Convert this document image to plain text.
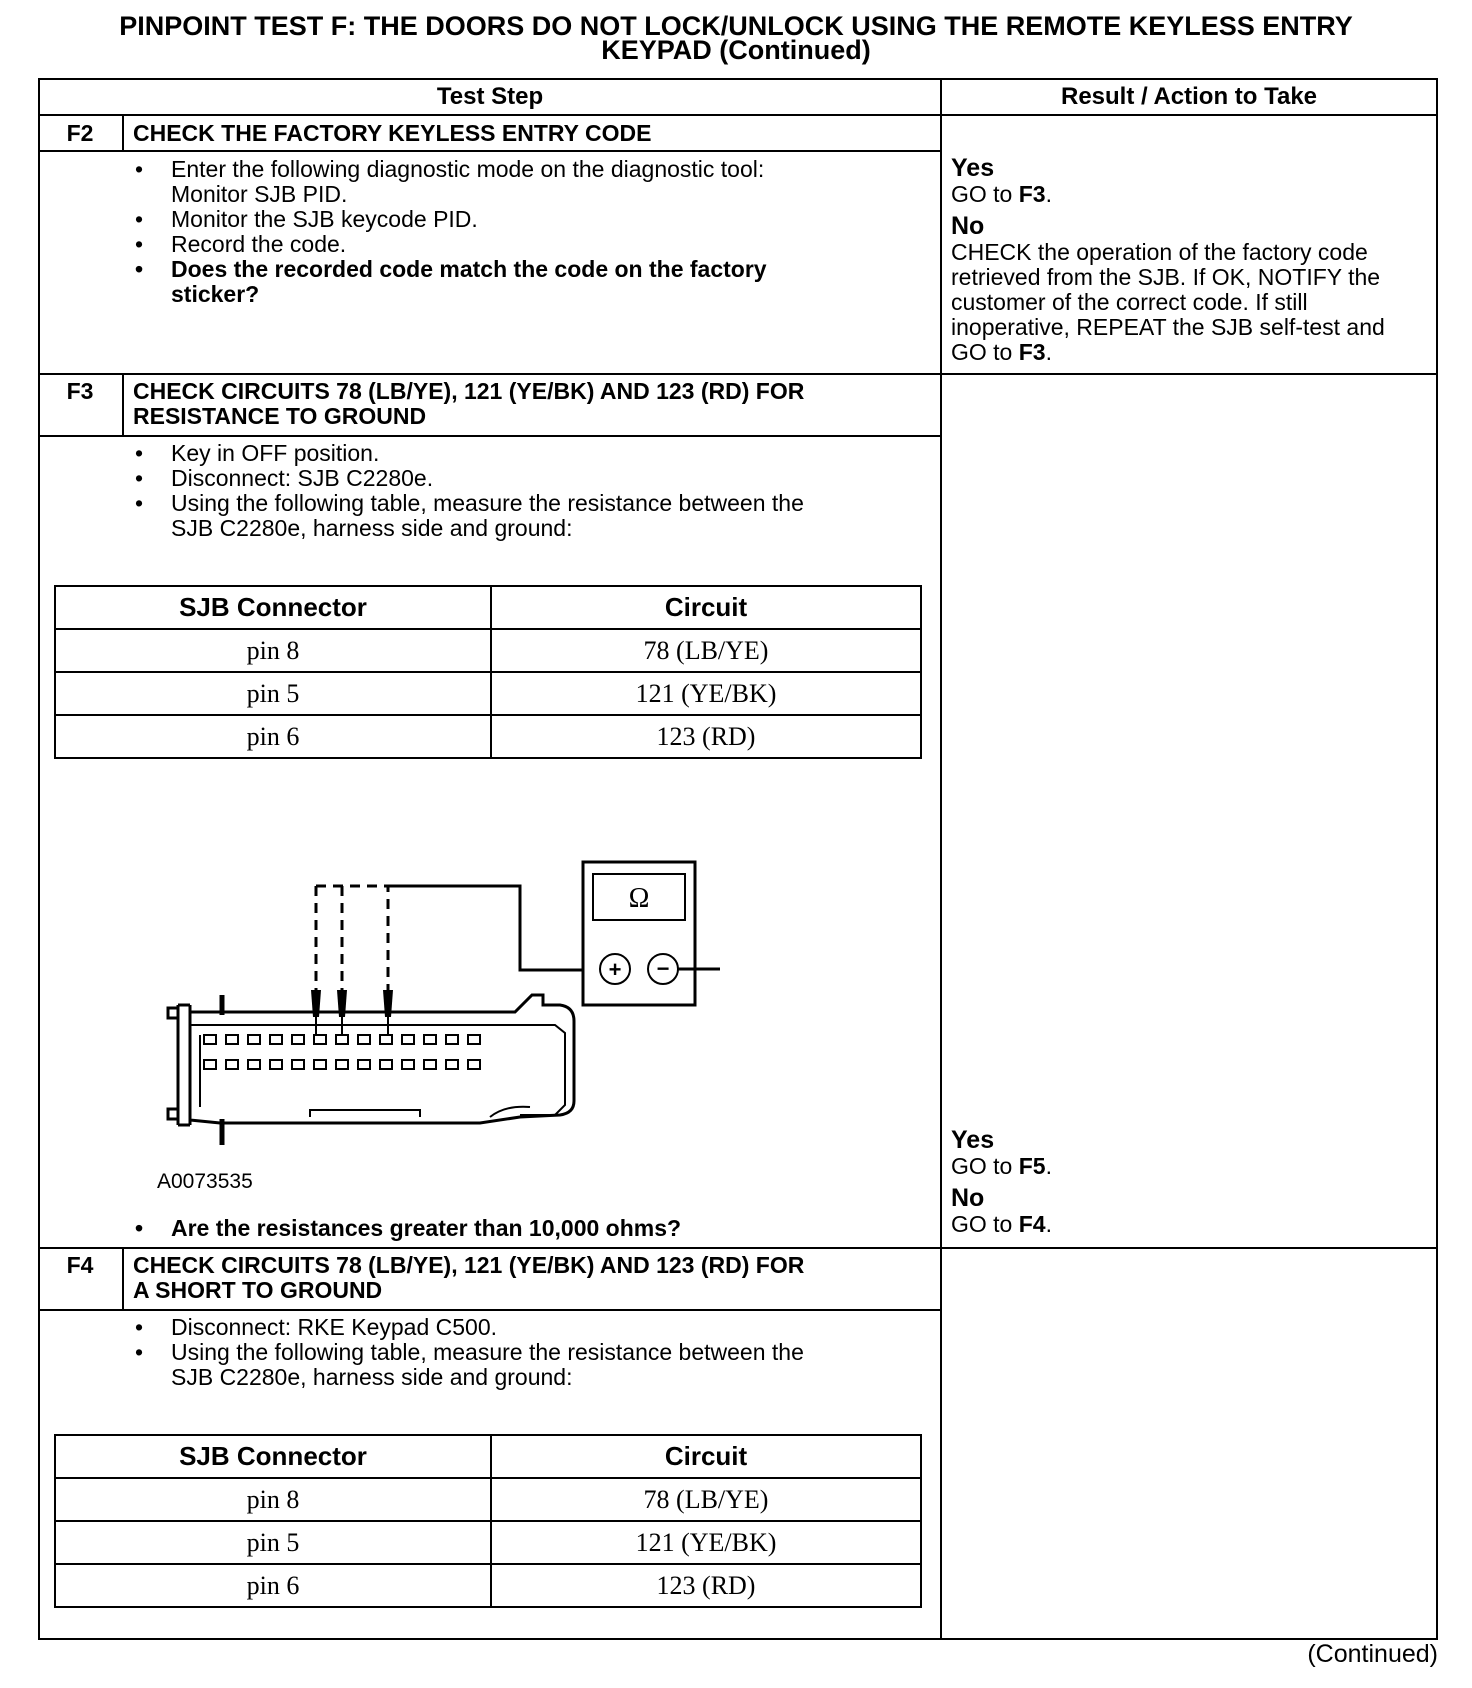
PINPOINT TEST F: THE DOORS DO NOT LOCK/UNLOCK USING THE REMOTE KEYLESS ENTRY
KEYPAD (Continued)
Test Step	Result / Action to Take
F2	CHECK THE FACTORY KEYLESS ENTRY CODE
• Enter the following diagnostic mode on the diagnostic tool:
Monitor SJB PID.
• Monitor the SJB keycode PID.
• Record the code.
• Does the recorded code match the code on the factory
sticker?
Yes
GO to F3.
No
CHECK the operation of the factory code
retrieved from the SJB. If OK, NOTIFY the
customer of the correct code. If still
inoperative, REPEAT the SJB self-test and
GO to F3.
F3	CHECK CIRCUITS 78 (LB/YE), 121 (YE/BK) AND 123 (RD) FOR
RESISTANCE TO GROUND
• Key in OFF position.
• Disconnect: SJB C2280e.
• Using the following table, measure the resistance between the
SJB C2280e, harness side and ground:
SJB Connector	Circuit
pin 8	78 (LB/YE)
pin 5	121 (YE/BK)
pin 6	123 (RD)
Ω
+ −
A0073535
• Are the resistances greater than 10,000 ohms?
Yes
GO to F5.
No
GO to F4.
F4	CHECK CIRCUITS 78 (LB/YE), 121 (YE/BK) AND 123 (RD) FOR
A SHORT TO GROUND
• Disconnect: RKE Keypad C500.
• Using the following table, measure the resistance between the
SJB C2280e, harness side and ground:
SJB Connector	Circuit
pin 8	78 (LB/YE)
pin 5	121 (YE/BK)
pin 6	123 (RD)
(Continued)
